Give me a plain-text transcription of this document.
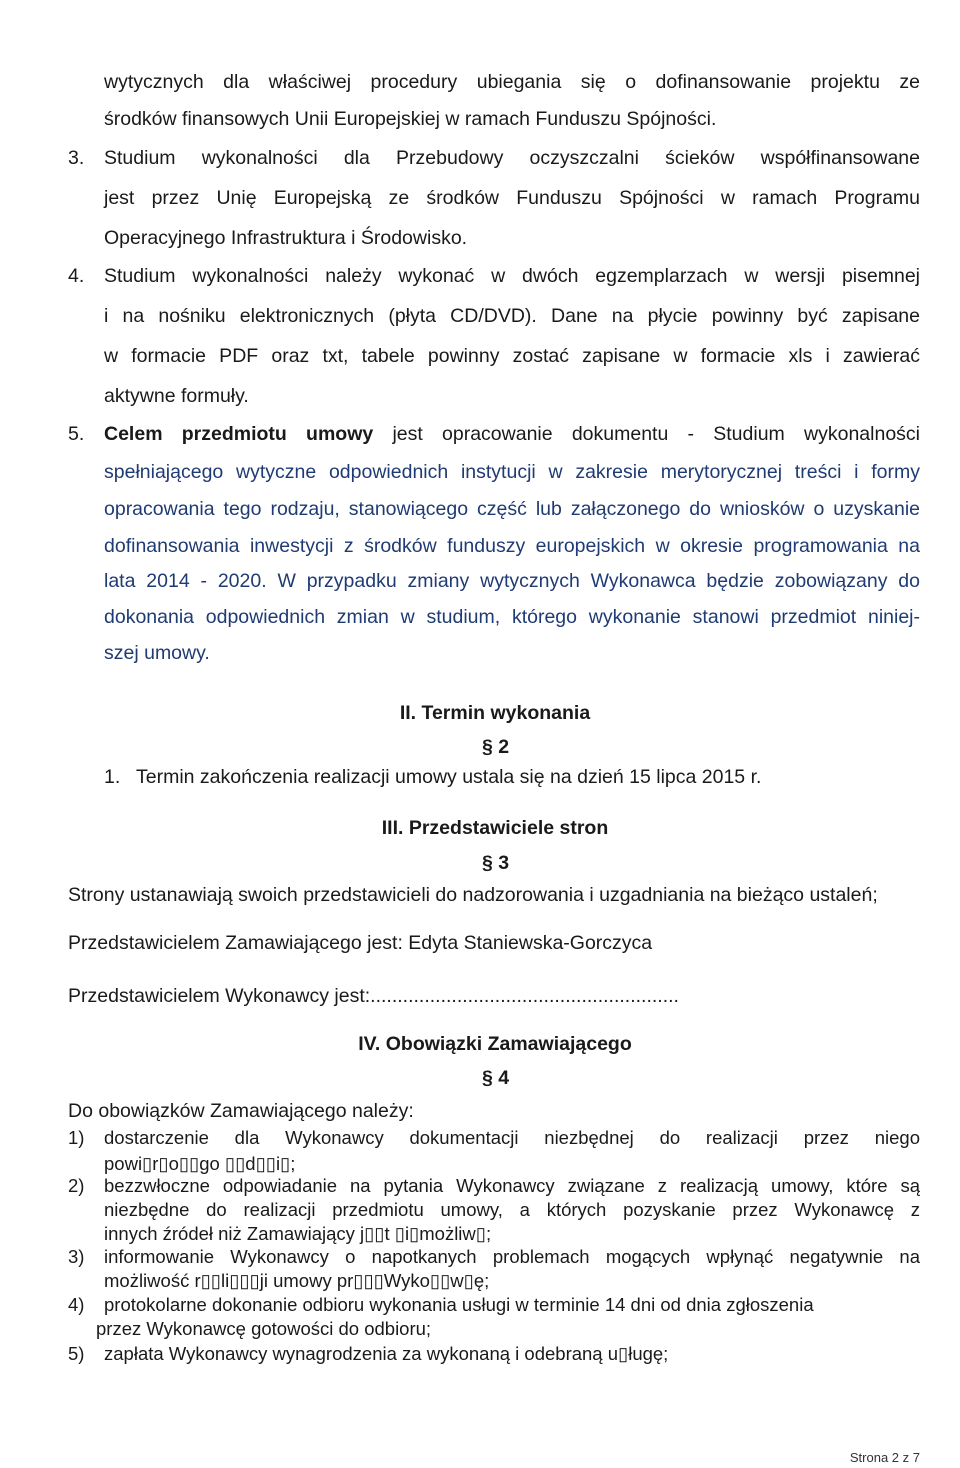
wytycznych dla właściwej procedury ubiegania się o dofinansowanie projektu ze
środków finansowych Unii Europejskiej w ramach Funduszu Spójności.
3.	Studium wykonalności dla Przebudowy oczyszczalni ścieków współfinansowane
jest przez Unię Europejską ze środków Funduszu Spójności w ramach Programu
Operacyjnego Infrastruktura i Środowisko.
4.	Studium wykonalności należy wykonać w dwóch egzemplarzach w wersji pisemnej
i na nośniku elektronicznych (płyta CD/DVD). Dane na płycie powinny być zapisane
w formacie PDF oraz txt, tabele powinny zostać zapisane w formacie xls i zawierać
aktywne formuły.
5.	Celem przedmiotu umowy jest opracowanie dokumentu - Studium wykonalności
spełniającego wytyczne odpowiednich instytucji w zakresie merytorycznej treści i formy
opracowania tego rodzaju, stanowiącego część lub załączonego do wniosków o uzyskanie
dofinansowania inwestycji z środków funduszy europejskich w okresie programowania na
lata 2014 - 2020. W przypadku zmiany wytycznych Wykonawca będzie zobowiązany do
dokonania odpowiednich zmian w studium, którego wykonanie stanowi przedmiot niniej-
szej umowy.
II. Termin wykonania
§ 2
1. Termin zakończenia realizacji umowy ustala się na dzień 15 lipca 2015 r.
III. Przedstawiciele stron
§ 3
Strony ustanawiają swoich przedstawicieli do nadzorowania i uzgadniania na bieżąco ustaleń;
Przedstawicielem Zamawiającego jest: Edyta Staniewska-Gorczyca
Przedstawicielem Wykonawcy jest:.........................................................
IV. Obowiązki Zamawiającego
§ 4
Do obowiązków Zamawiającego należy:
1) dostarczenie dla Wykonawcy dokumentacji niezbędnej do realizacji przez niego
powi▯r▯o▯▯go ▯▯d▯▯i▯;
2) bezzwłoczne odpowiadanie na pytania Wykonawcy związane z realizacją umowy, które są
niezbędne do realizacji przedmiotu umowy, a których pozyskanie przez Wykonawcę z
innych źródeł niż Zamawiający j▯▯t ▯i▯możliw▯;
3) informowanie Wykonawcy o napotkanych problemach mogących wpłynąć negatywnie na
możliwość r▯▯li▯▯▯ji umowy pr▯▯▯Wyko▯▯w▯ę;
4) protokolarne dokonanie odbioru wykonania usługi w terminie 14 dni od dnia zgłoszenia
przez Wykonawcę gotowości do odbioru;
5) zapłata Wykonawcy wynagrodzenia za wykonaną i odebraną u▯ługę;
Strona 2 z 7
